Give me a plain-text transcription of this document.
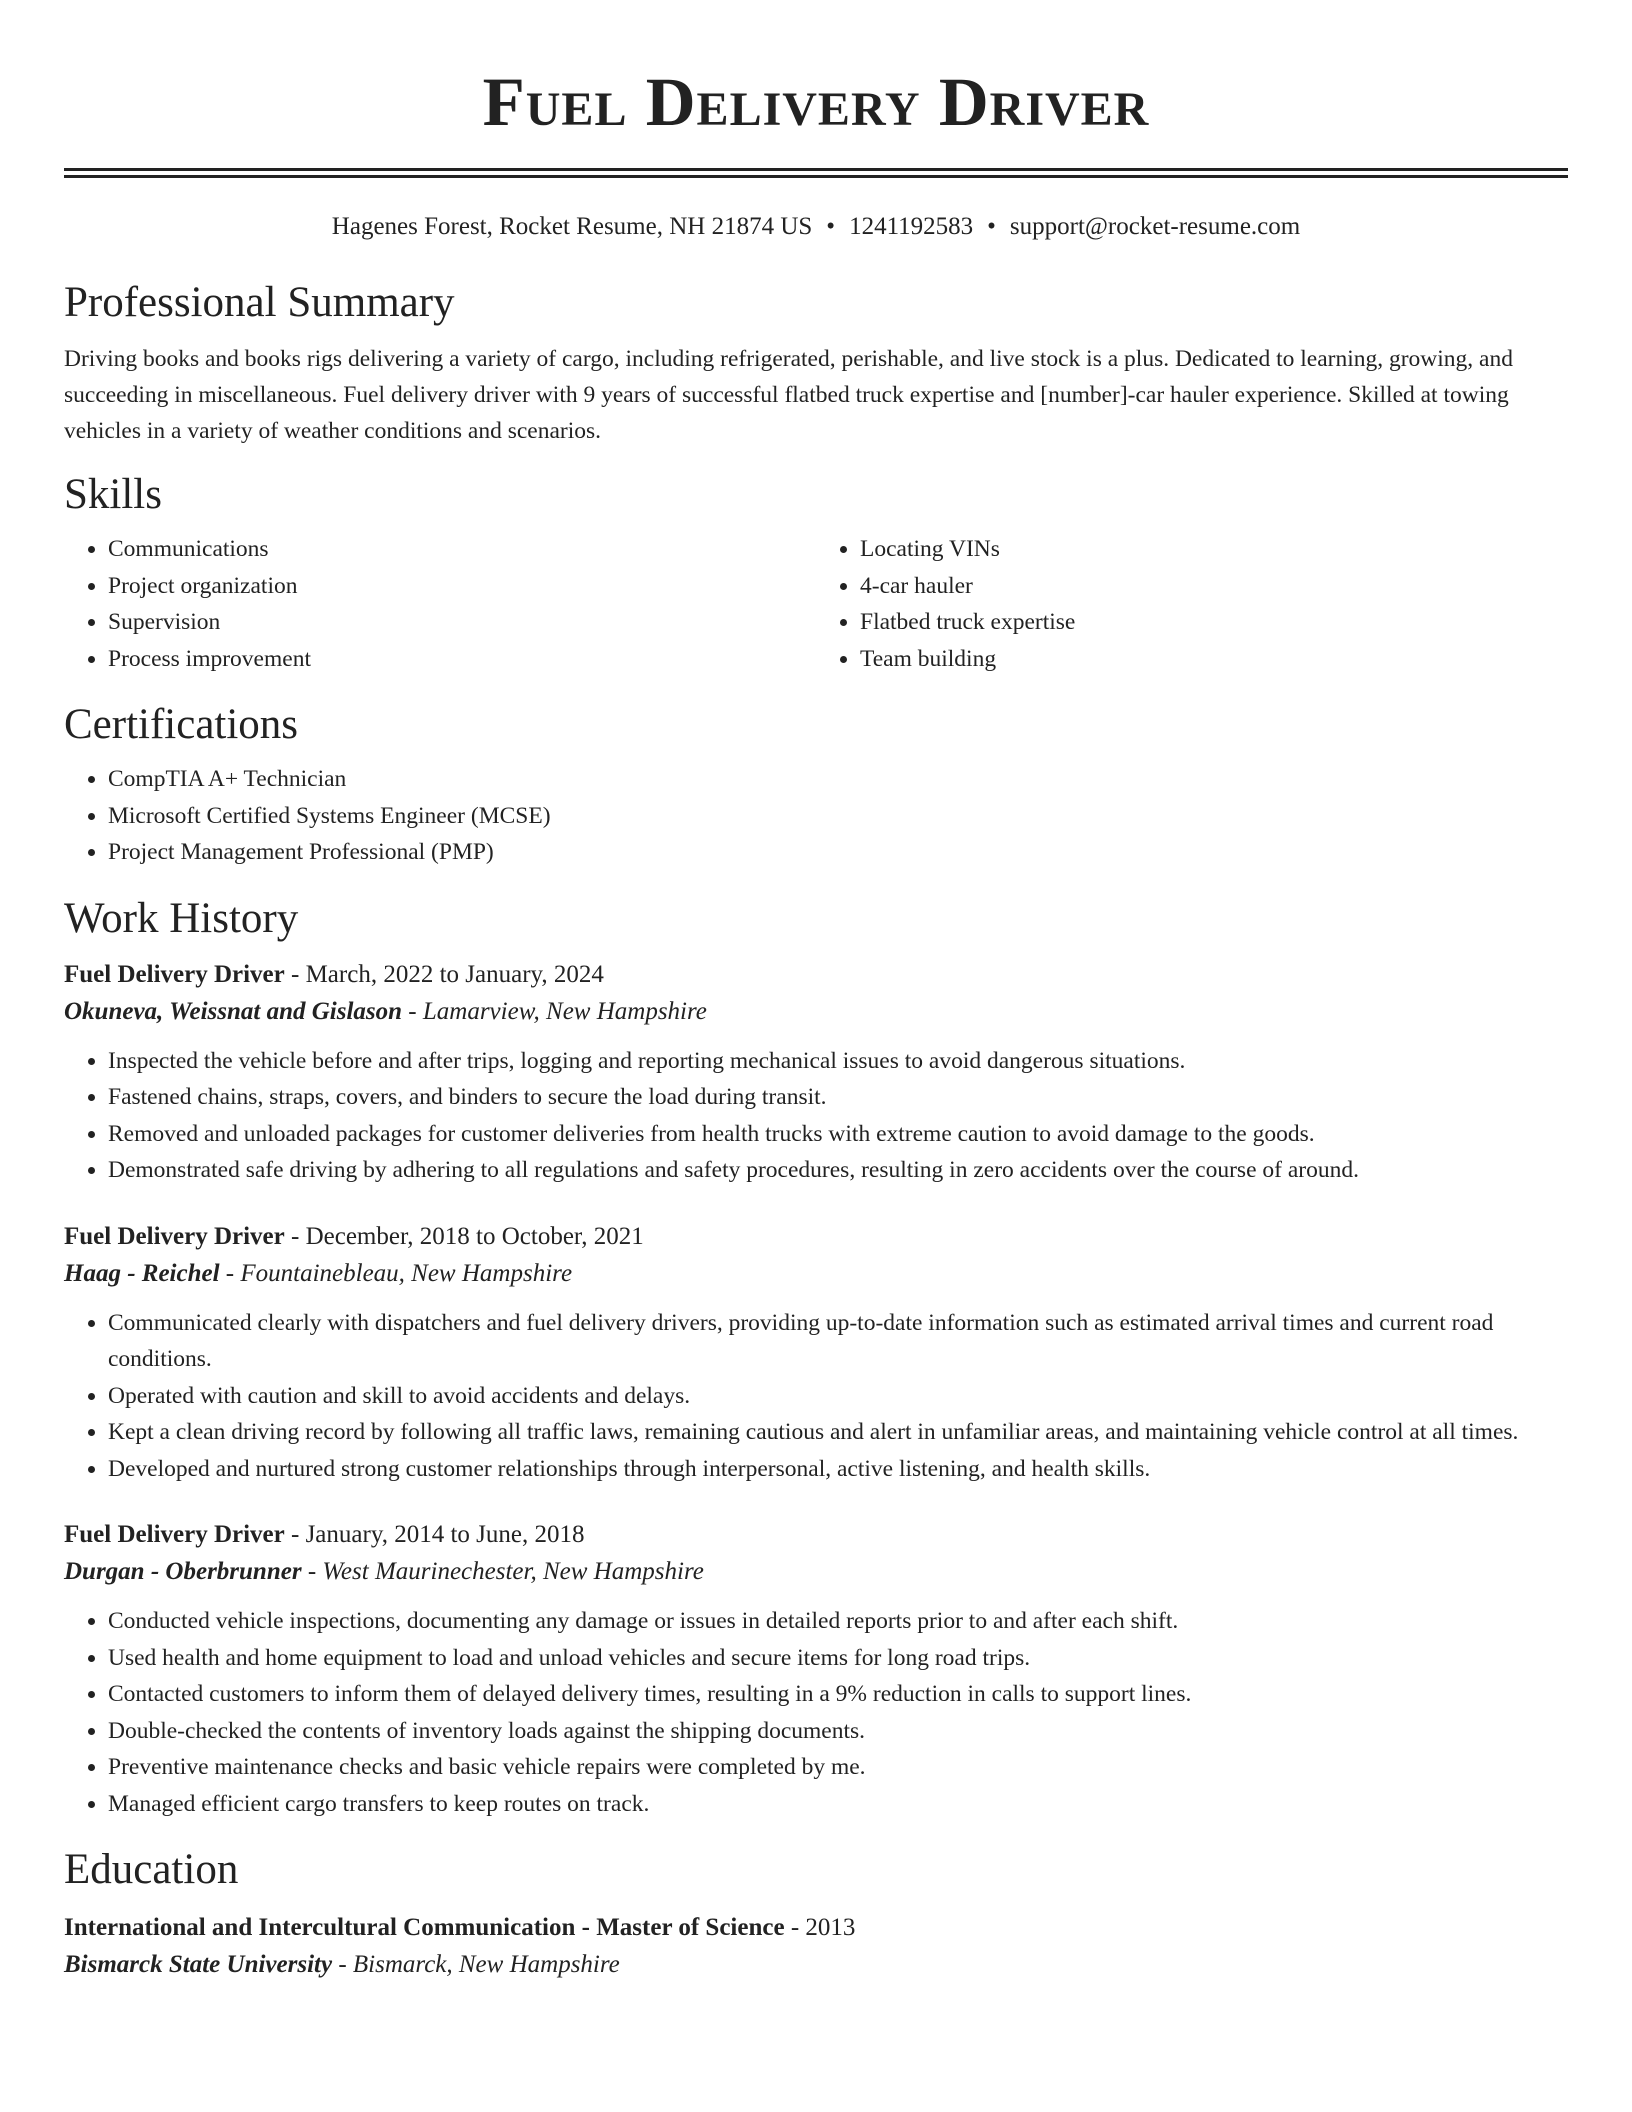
Fuel Delivery Driver
Hagenes Forest, Rocket Resume, NH 21874 US • 1241192583 • support@rocket-resume.com
Professional Summary

Driving books and books rigs delivering a variety of cargo, including refrigerated, perishable, and live stock is a plus. Dedicated to learning, growing, and succeeding in miscellaneous. Fuel delivery driver with 9 years of successful flatbed truck expertise and [number]-car hauler experience. Skilled at towing vehicles in a variety of weather conditions and scenarios.

Skills
• Communications
• Project organization
• Supervision
• Process improvement
• Locating VINs
• 4-car hauler
• Flatbed truck expertise
• Team building
Certifications
• CompTIA A+ Technician
• Microsoft Certified Systems Engineer (MCSE)
• Project Management Professional (PMP)
Work History

Fuel Delivery Driver - March, 2022 to January, 2024

Okuneva, Weissnat and Gislason - Lamarview, New Hampshire

• Inspected the vehicle before and after trips, logging and reporting mechanical issues to avoid dangerous situations.
• Fastened chains, straps, covers, and binders to secure the load during transit.
• Removed and unloaded packages for customer deliveries from health trucks with extreme caution to avoid damage to the goods.
• Demonstrated safe driving by adhering to all regulations and safety procedures, resulting in zero accidents over the course of around.

Fuel Delivery Driver - December, 2018 to October, 2021

Haag - Reichel - Fountainebleau, New Hampshire

• Communicated clearly with dispatchers and fuel delivery drivers, providing up-to-date information such as estimated arrival times and current road conditions.
• Operated with caution and skill to avoid accidents and delays.
• Kept a clean driving record by following all traffic laws, remaining cautious and alert in unfamiliar areas, and maintaining vehicle control at all times.
• Developed and nurtured strong customer relationships through interpersonal, active listening, and health skills.

Fuel Delivery Driver - January, 2014 to June, 2018

Durgan - Oberbrunner - West Maurinechester, New Hampshire

• Conducted vehicle inspections, documenting any damage or issues in detailed reports prior to and after each shift.
• Used health and home equipment to load and unload vehicles and secure items for long road trips.
• Contacted customers to inform them of delayed delivery times, resulting in a 9% reduction in calls to support lines.
• Double-checked the contents of inventory loads against the shipping documents.
• Preventive maintenance checks and basic vehicle repairs were completed by me.
• Managed efficient cargo transfers to keep routes on track.
Education

International and Intercultural Communication - Master of Science - 2013

Bismarck State University - Bismarck, New Hampshire
